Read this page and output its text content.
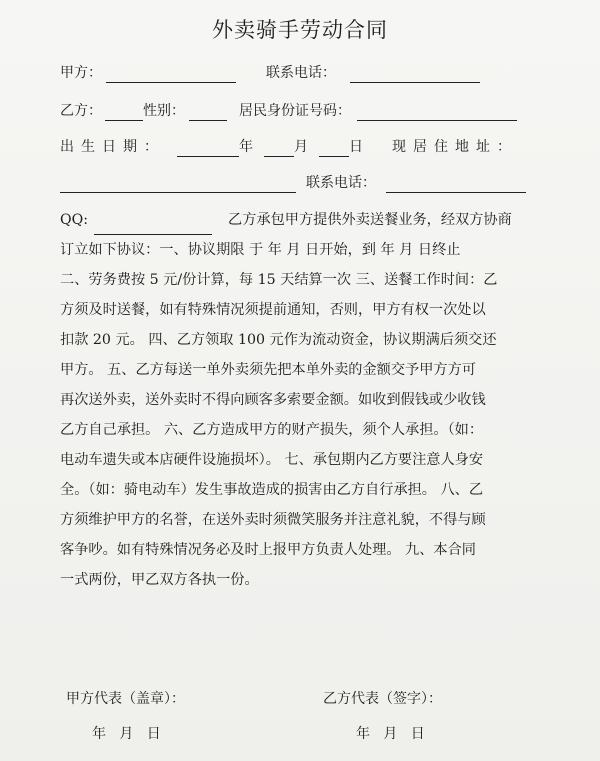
外卖骑手劳动合同
甲方：	联系电话：
乙方：	性别：	居民身份证号码：
出生日期：	年 月 日 现居住地址：
联系电话：
QQ:	乙方承包甲方提供外卖送餐业务，经双方协商
订立如下协议：一、协议期限 于 年 月 日开始，到 年 月 日终止
二、劳务费按 5 元/份计算，每 15 天结算一次 三、送餐工作时间：乙
方须及时送餐，如有特殊情况须提前通知，否则，甲方有权一次处以
扣款 20 元。 四、乙方领取 100 元作为流动资金，协议期满后须交还
甲方。 五、乙方每送一单外卖须先把本单外卖的金额交予甲方方可
再次送外卖，送外卖时不得向顾客多索要金额。如收到假钱或少收钱
乙方自己承担。 六、乙方造成甲方的财产损失，须个人承担。（如：
电动车遗失或本店硬件设施损坏）。 七、承包期内乙方要注意人身安
全。（如：骑电动车）发生事故造成的损害由乙方自行承担。 八、乙
方须维护甲方的名誉，在送外卖时须微笑服务并注意礼貌，不得与顾
客争吵。如有特殊情况务必及时上报甲方负责人处理。 九、本合同
一式两份，甲乙双方各执一份。
甲方代表（盖章）：	乙方代表（签字）：
年   月   日	年   月   日
